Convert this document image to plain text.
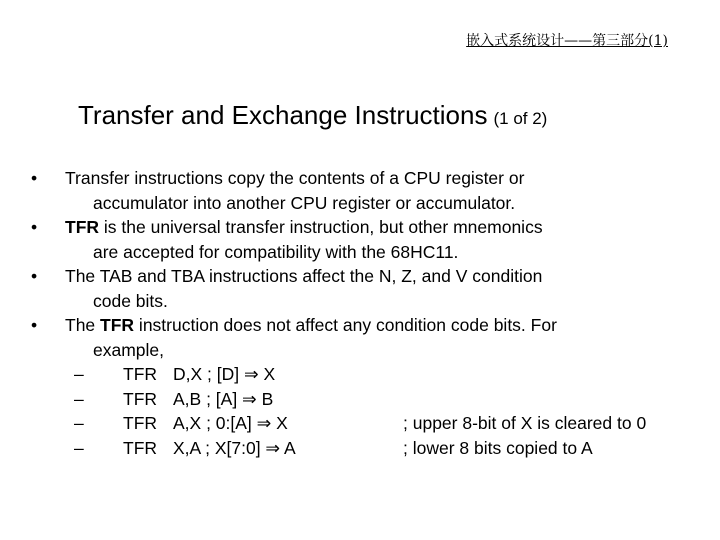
嵌入式系统设计——第三部分(1)
Transfer and Exchange Instructions (1 of 2)
• Transfer instructions copy the contents of a CPU register or
accumulator into another CPU register or accumulator.
• TFR is the universal transfer instruction, but other mnemonics
are accepted for compatibility with the 68HC11.
• The TAB and TBA instructions affect the N, Z, and V condition
code bits.
• The TFR instruction does not affect any condition code bits. For
example,
– TFR D,X ; [D] ⇒ X
– TFR A,B ; [A] ⇒ B
– TFR A,X ; 0:[A] ⇒ X	; upper 8-bit of X is cleared to 0
– TFR X,A ; X[7:0] ⇒ A	; lower 8 bits copied to A
